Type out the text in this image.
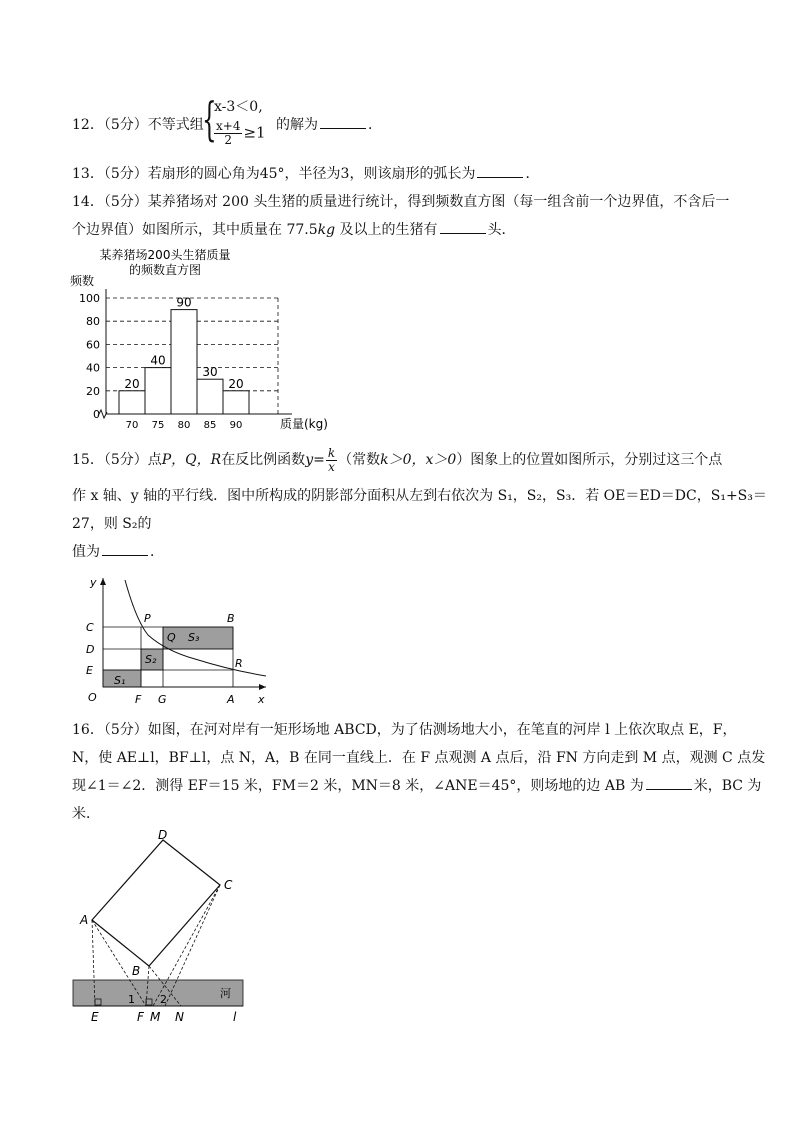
12．（5分）不等式组
{
x-3＜0,
$\frac{x+4}{2} \ge 1$ 的解为	．
13．（5分）若扇形的圆心角为45°，半径为3，则该扇形的弧长为	．
14．（5分）某养猪场对 200 头生猪的质量进行统计，得到频数直方图（每一组含前一个边界值，不含后一
个边界值）如图所示，其中质量在 77.5kg 及以上的生猪有	头．
某养猪场200头生猪质量
的频数直方图
频数
20
40
90
30
20
0
20
40
60
80
100
70 75 80 85 90	质量(kg)
15．（5分）点P，Q，R在反比例函数$y= \frac{k}{x}$ （常数k＞0，x＞0）图象上的位置如图所示，分别过这三个点
作 x 轴、y 轴的平行线．图中所构成的阴影部分面积从左到右依次为 S₁，S₂，S₃．若 OE＝ED＝DC，S₁+S₃＝
27，则 S₂的
值为	．
y
x
O
C
D
E
P
Q
B
R
A
F G
S₁
S₂
S₃
16．（5分）如图，在河对岸有一矩形场地 ABCD，为了估测场地大小，在笔直的河岸 l 上依次取点 E，F，
N，使 AE⊥l，BF⊥l，点 N，A，B 在同一直线上．在 F 点观测 A 点后，沿 FN 方向走到 M 点，观测 C 点发
现∠1＝∠2．测得 EF＝15 米，FM＝2 米，MN＝8 米，∠ANE＝45°，则场地的边 AB 为	米，BC 为
米．
A
B
C
D
E	F M N	l
河
1 2
